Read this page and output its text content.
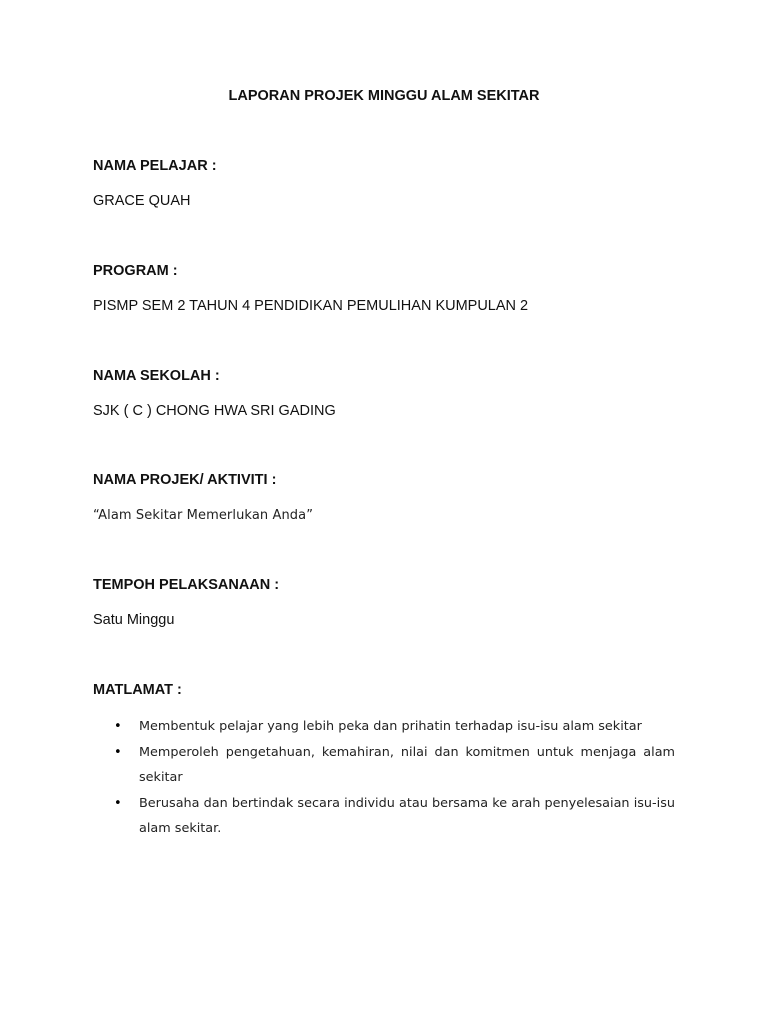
LAPORAN PROJEK MINGGU ALAM SEKITAR
NAMA PELAJAR :
GRACE QUAH
PROGRAM :
PISMP SEM 2 TAHUN 4 PENDIDIKAN PEMULIHAN KUMPULAN 2
NAMA SEKOLAH :
SJK ( C ) CHONG HWA SRI GADING
NAMA PROJEK/ AKTIVITI :
“Alam Sekitar Memerlukan Anda”
TEMPOH PELAKSANAAN :
Satu Minggu
MATLAMAT :
• Membentuk pelajar yang lebih peka dan prihatin terhadap isu-isu alam sekitar
• Memperoleh pengetahuan, kemahiran, nilai dan komitmen untuk menjaga alam sekitar
• Berusaha dan bertindak secara individu atau bersama ke arah penyelesaian isu-isu alam sekitar.
